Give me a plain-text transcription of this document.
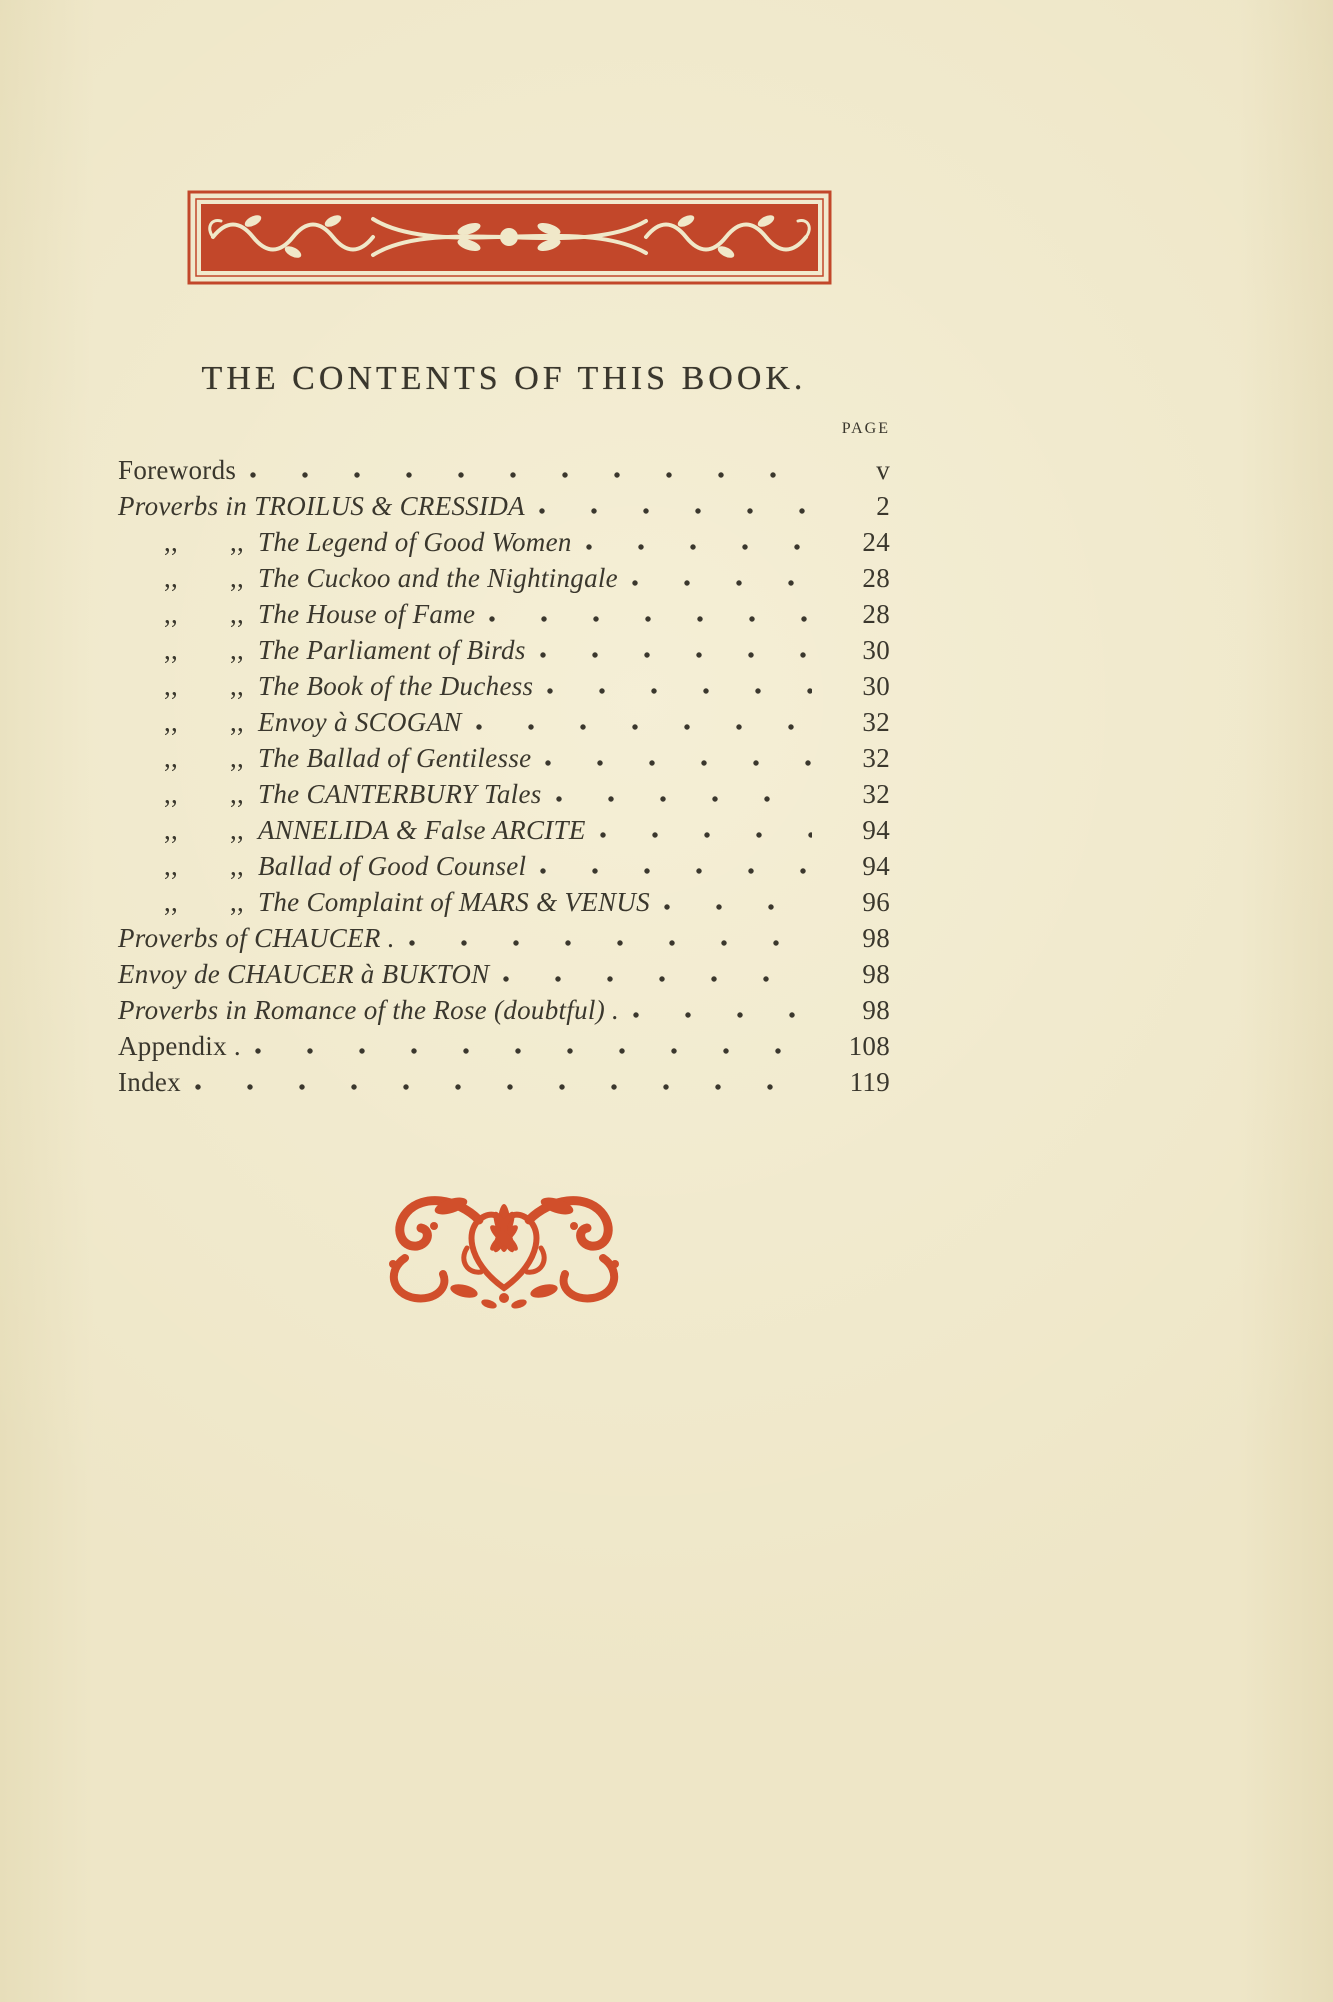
THE CONTENTS OF THIS BOOK.
PAGE
Forewords	v
Proverbs in TROILUS & CRESSIDA	2
,,	,, The Legend of Good Women	24
,,	,, The Cuckoo and the Nightingale	28
,,	,, The House of Fame	28
,,	,, The Parliament of Birds	30
,,	,, The Book of the Duchess	30
,,	,, Envoy à SCOGAN	32
,,	,, The Ballad of Gentilesse	32
,,	,, The CANTERBURY Tales	32
,,	,, ANNELIDA & False ARCITE	94
,,	,, Ballad of Good Counsel	94
,,	,, The Complaint of MARS & VENUS	96
Proverbs of CHAUCER .	98
Envoy de CHAUCER à BUKTON	98
Proverbs in Romance of the Rose (doubtful) .	98
Appendix .	108
Index	119
